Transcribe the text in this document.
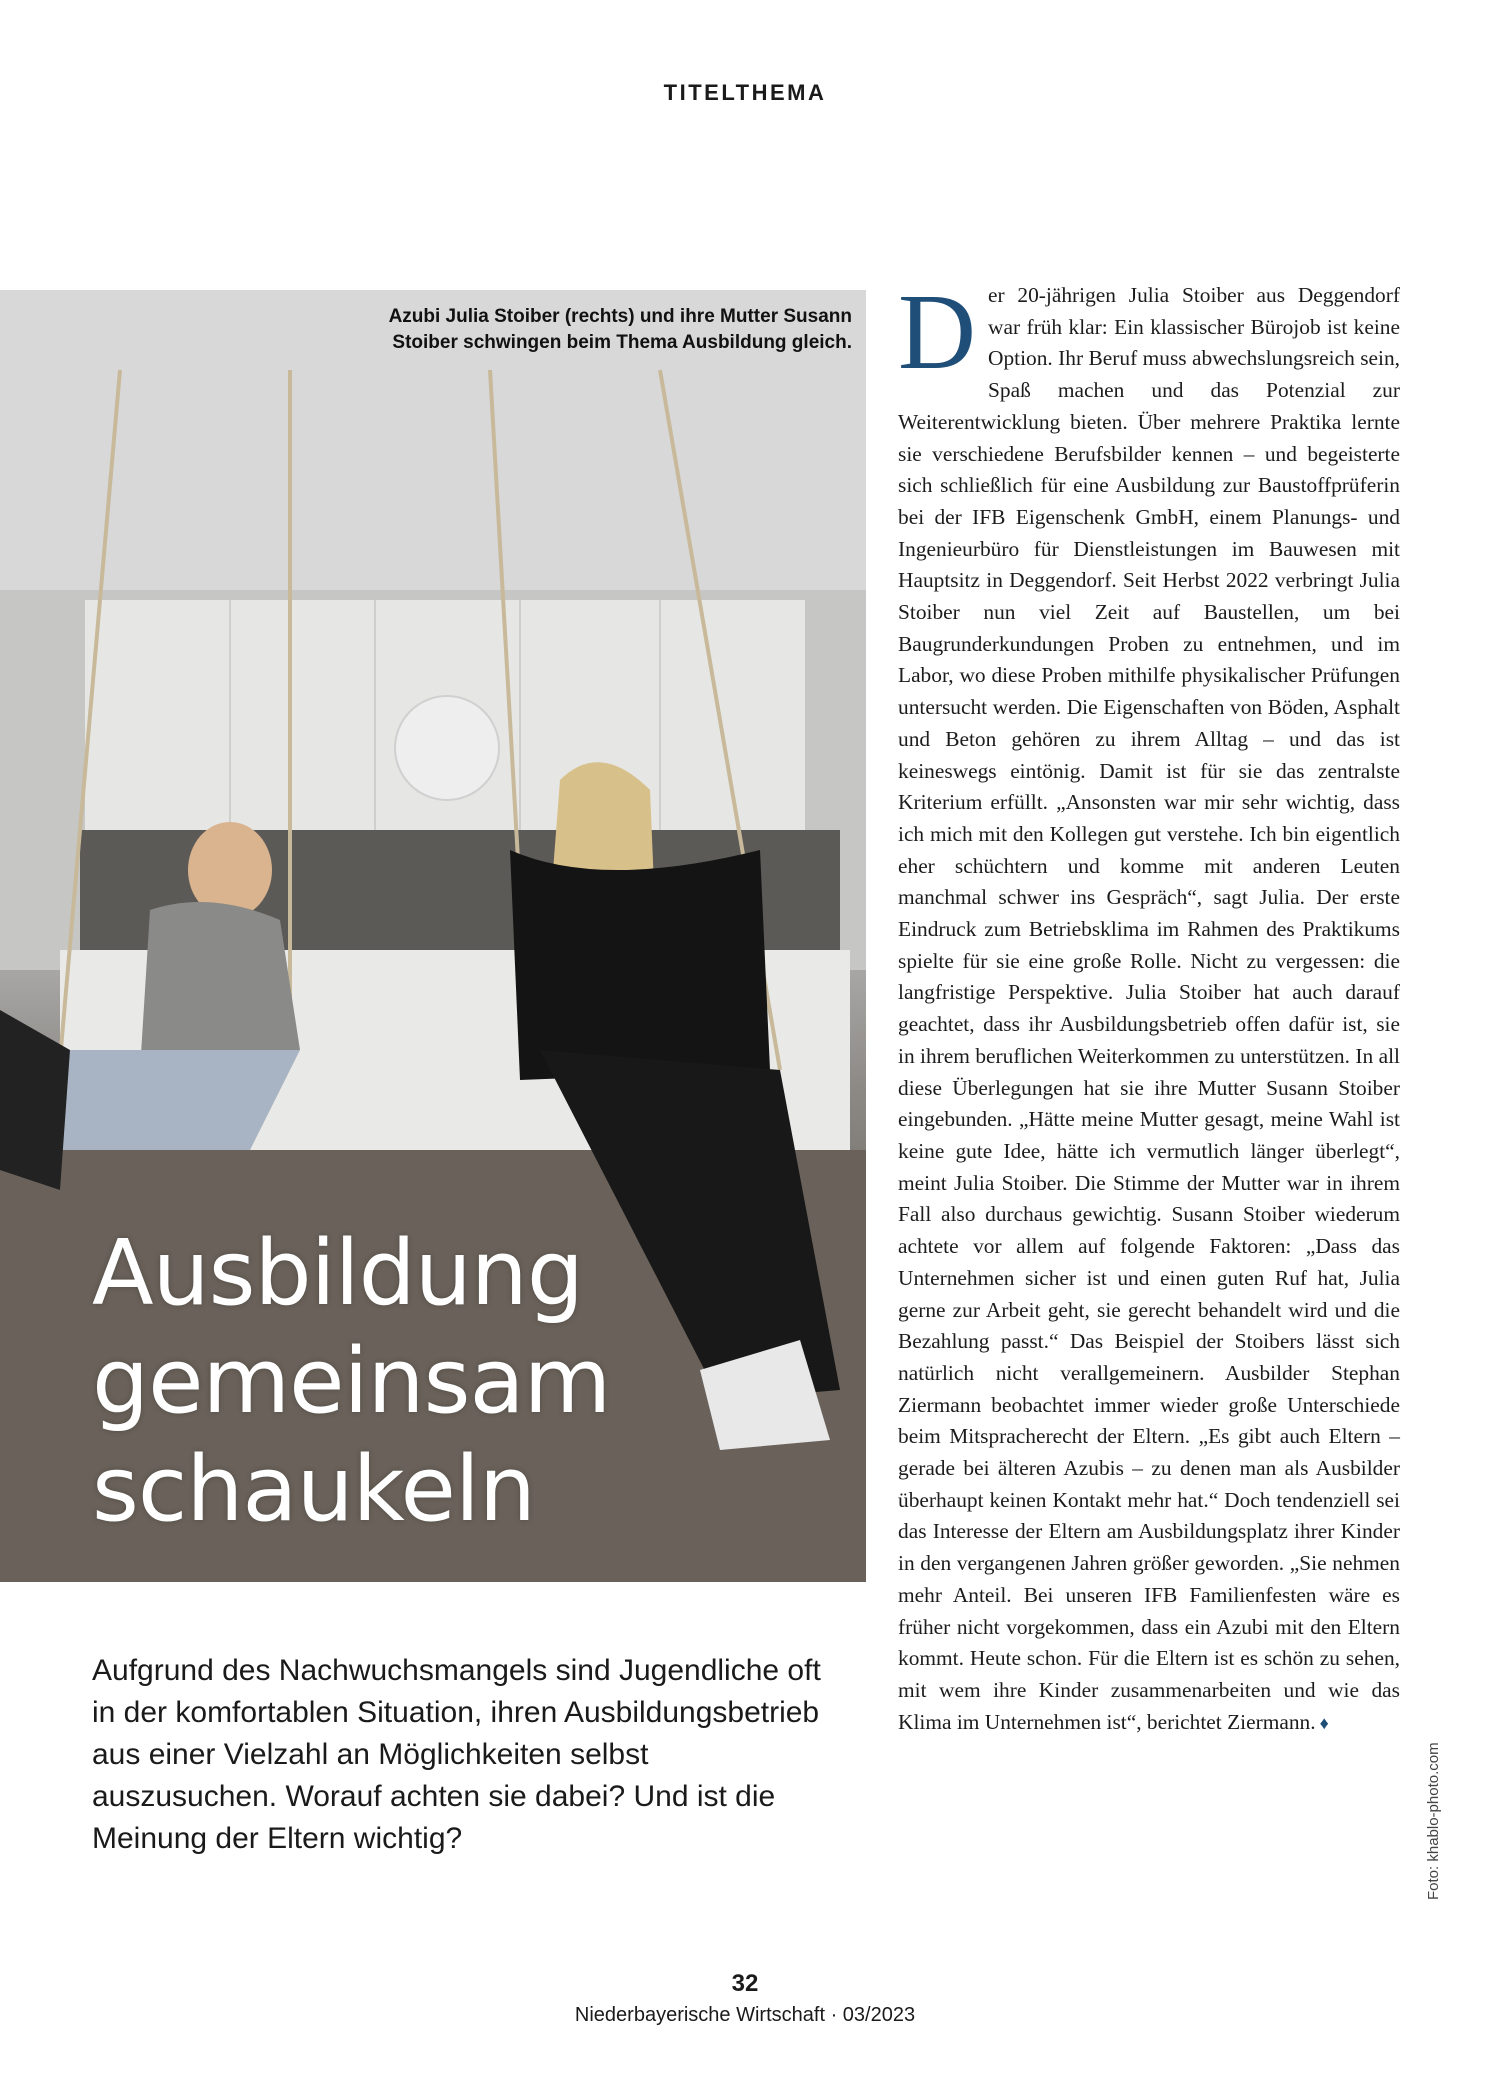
TITELTHEMA
Azubi Julia Stoiber (rechts) und ihre Mutter Susann Stoiber schwingen beim Thema Ausbildung gleich.
Ausbildung
gemeinsam
schaukeln
Aufgrund des Nachwuchsmangels sind Jugendliche oft in der komfortablen Situation, ihren Ausbildungsbetrieb aus einer Vielzahl an Möglichkeiten selbst auszusuchen. Worauf achten sie dabei? Und ist die Meinung der Eltern wichtig?
Der 20-jährigen Julia Stoiber aus Deggendorf war früh klar: Ein klassischer Bürojob ist keine Option. Ihr Beruf muss abwechslungsreich sein, Spaß machen und das Potenzial zur Weiterentwicklung bieten. Über mehrere Praktika lernte sie verschiedene Berufsbilder kennen – und begeisterte sich schließlich für eine Ausbildung zur Baustoffprüferin bei der IFB Eigenschenk GmbH, einem Planungs- und Ingenieurbüro für Dienstleistungen im Bauwesen mit Hauptsitz in Deggendorf. Seit Herbst 2022 verbringt Julia Stoiber nun viel Zeit auf Baustellen, um bei Baugrunderkundungen Proben zu entnehmen, und im Labor, wo diese Proben mithilfe physikalischer Prüfungen untersucht werden. Die Eigenschaften von Böden, Asphalt und Beton gehören zu ihrem Alltag – und das ist keineswegs eintönig. Damit ist für sie das zentralste Kriterium erfüllt. „Ansonsten war mir sehr wichtig, dass ich mich mit den Kollegen gut verstehe. Ich bin eigentlich eher schüchtern und komme mit anderen Leuten manchmal schwer ins Gespräch“, sagt Julia. Der erste Eindruck zum Betriebsklima im Rahmen des Praktikums spielte für sie eine große Rolle. Nicht zu vergessen: die langfristige Perspektive. Julia Stoiber hat auch darauf geachtet, dass ihr Ausbildungsbetrieb offen dafür ist, sie in ihrem beruflichen Weiterkommen zu unterstützen. In all diese Überlegungen hat sie ihre Mutter Susann Stoiber eingebunden. „Hätte meine Mutter gesagt, meine Wahl ist keine gute Idee, hätte ich vermutlich länger überlegt“, meint Julia Stoiber. Die Stimme der Mutter war in ihrem Fall also durchaus gewichtig. Susann Stoiber wiederum achtete vor allem auf folgende Faktoren: „Dass das Unternehmen sicher ist und einen guten Ruf hat, Julia gerne zur Arbeit geht, sie gerecht behandelt wird und die Bezahlung passt.“ Das Beispiel der Stoibers lässt sich natürlich nicht verallgemeinern. Ausbilder Stephan Ziermann beobachtet immer wieder große Unterschiede beim Mitspracherecht der Eltern. „Es gibt auch Eltern – gerade bei älteren Azubis – zu denen man als Ausbilder überhaupt keinen Kontakt mehr hat.“ Doch tendenziell sei das Interesse der Eltern am Ausbildungsplatz ihrer Kinder in den vergangenen Jahren größer geworden. „Sie nehmen mehr Anteil. Bei unseren IFB Familienfesten wäre es früher nicht vorgekommen, dass ein Azubi mit den Eltern kommt. Heute schon. Für die Eltern ist es schön zu sehen, mit wem ihre Kinder zusammenarbeiten und wie das Klima im Unternehmen ist“, berichtet Ziermann. ♦
Foto: khablo-photo.com
32
Niederbayerische Wirtschaft · 03/2023
